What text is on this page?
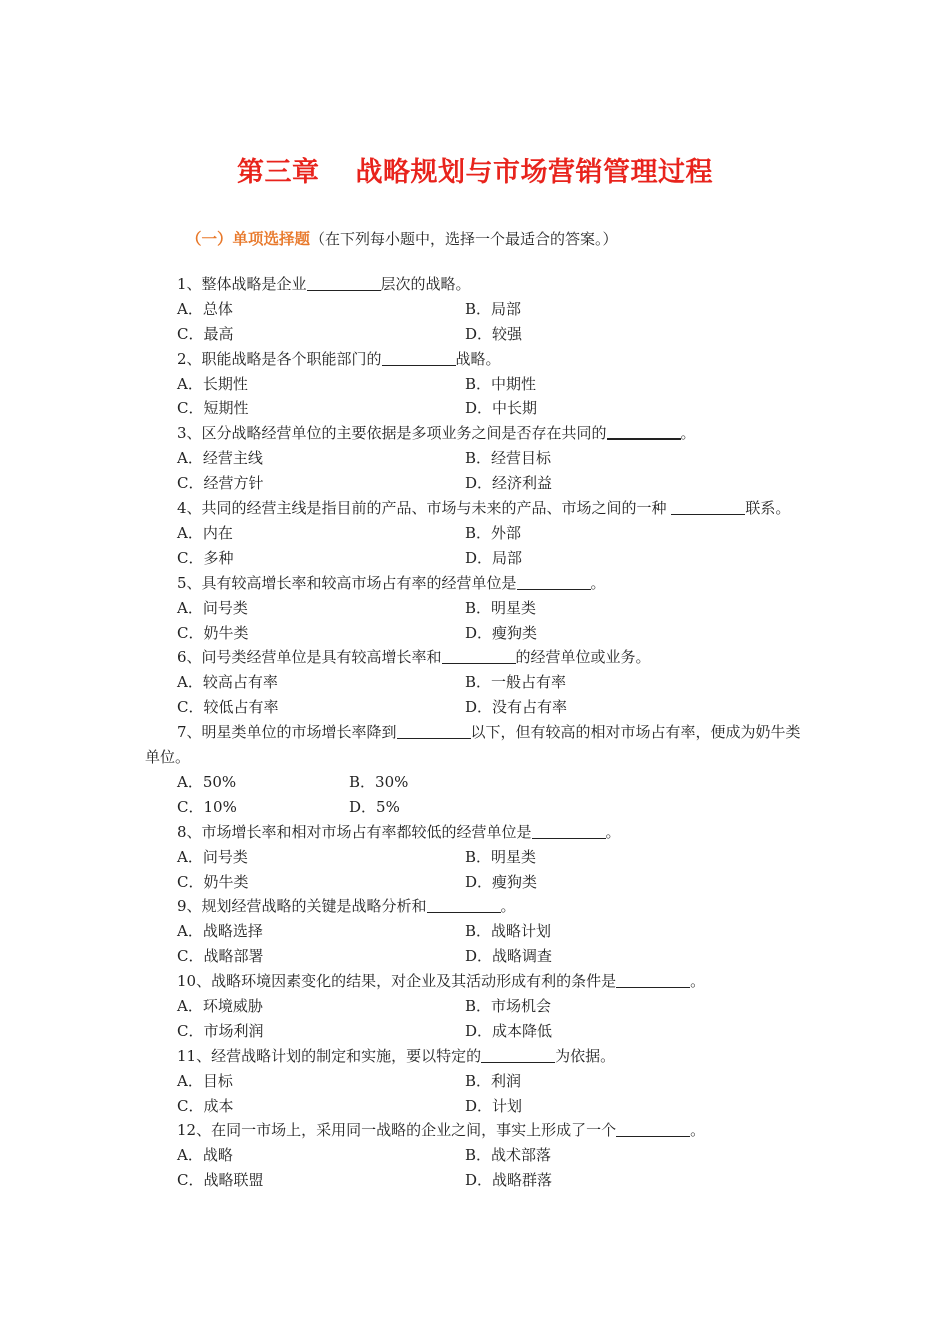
第三章 战略规划与市场营销管理过程
（一）单项选择题（在下列每小题中，选择一个最适合的答案。）
1、整体战略是企业	层次的战略。
A．总体	B．局部
C．最高	D．较强
2、职能战略是各个职能部门的	战略。
A．长期性	B．中期性
C．短期性	D．中长期
3、区分战略经营单位的主要依据是多项业务之间是否存在共同的	。
A．经营主线	B．经营目标
C．经营方针	D．经济利益
4、共同的经营主线是指目前的产品、市场与未来的产品、市场之间的一种	联系。
A．内在	B．外部
C．多种	D．局部
5、具有较高增长率和较高市场占有率的经营单位是	。
A．问号类	B．明星类
C．奶牛类	D．瘦狗类
6、问号类经营单位是具有较高增长率和	的经营单位或业务。
A．较高占有率	B．一般占有率
C．较低占有率	D．没有占有率
7、明星类单位的市场增长率降到	以下，但有较高的相对市场占有率，便成为奶牛类单位。
A．50%	B．30%
C．10%	D．5%
8、市场增长率和相对市场占有率都较低的经营单位是	。
A．问号类	B．明星类
C．奶牛类	D．瘦狗类
9、规划经营战略的关键是战略分析和	。
A．战略选择	B．战略计划
C．战略部署	D．战略调查
10、战略环境因素变化的结果，对企业及其活动形成有利的条件是	。
A．环境威胁	B．市场机会
C．市场利润	D．成本降低
11、经营战略计划的制定和实施，要以特定的	为依据。
A．目标	B．利润
C．成本	D．计划
12、在同一市场上，采用同一战略的企业之间，事实上形成了一个	。
A．战略	B．战术部落
C．战略联盟	D．战略群落
